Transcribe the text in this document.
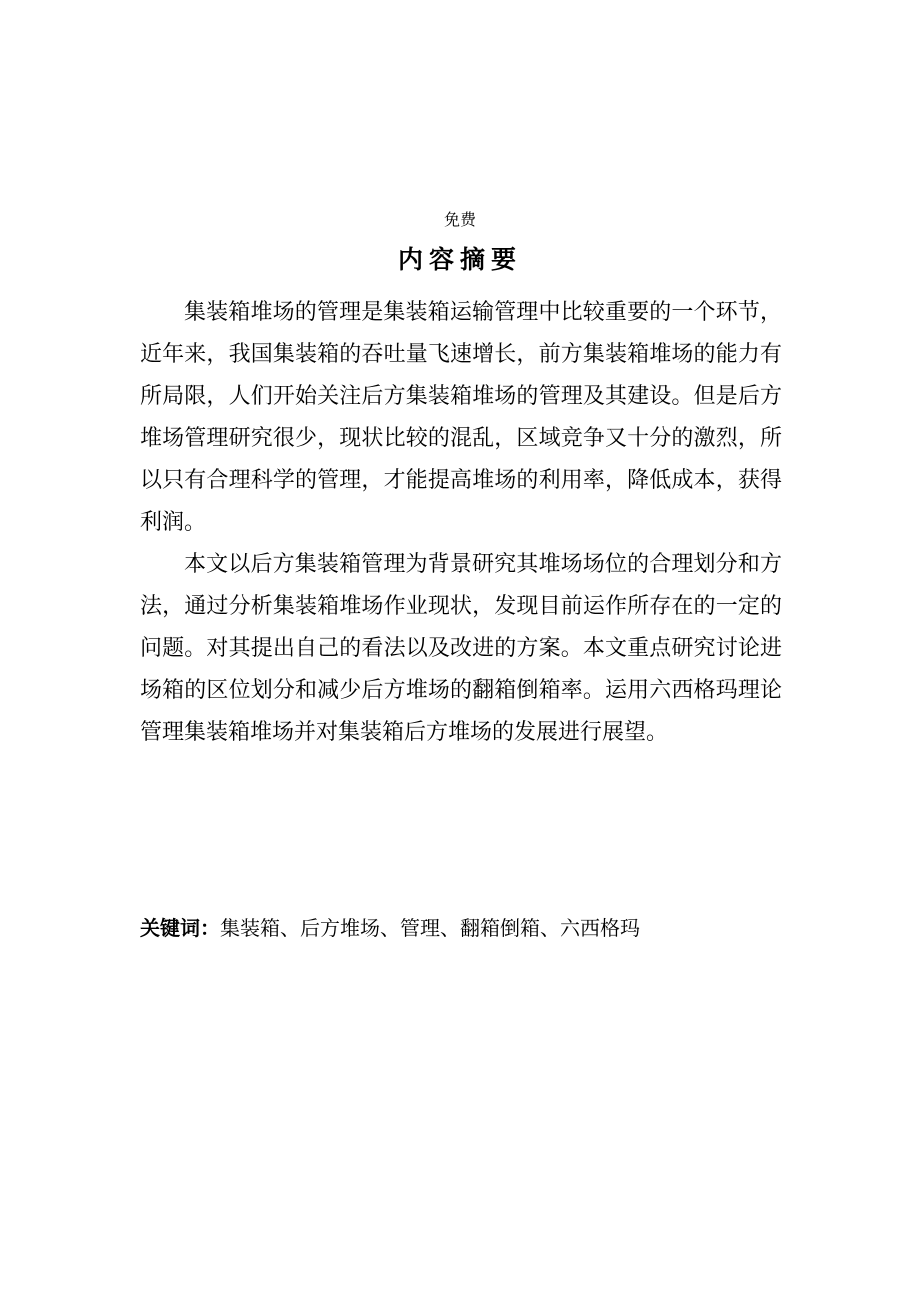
免费
内容摘要

集装箱堆场的管理是集装箱运输管理中比较重要的一个环节，近年来，我国集装箱的吞吐量飞速增长，前方集装箱堆场的能力有所局限，人们开始关注后方集装箱堆场的管理及其建设。但是后方堆场管理研究很少，现状比较的混乱，区域竞争又十分的激烈，所以只有合理科学的管理，才能提高堆场的利用率，降低成本，获得利润。

本文以后方集装箱管理为背景研究其堆场场位的合理划分和方法，通过分析集装箱堆场作业现状，发现目前运作所存在的一定的问题。对其提出自己的看法以及改进的方案。本文重点研究讨论进场箱的区位划分和减少后方堆场的翻箱倒箱率。运用六西格玛理论管理集装箱堆场并对集装箱后方堆场的发展进行展望。

关键词：集装箱、后方堆场、管理、翻箱倒箱、六西格玛
